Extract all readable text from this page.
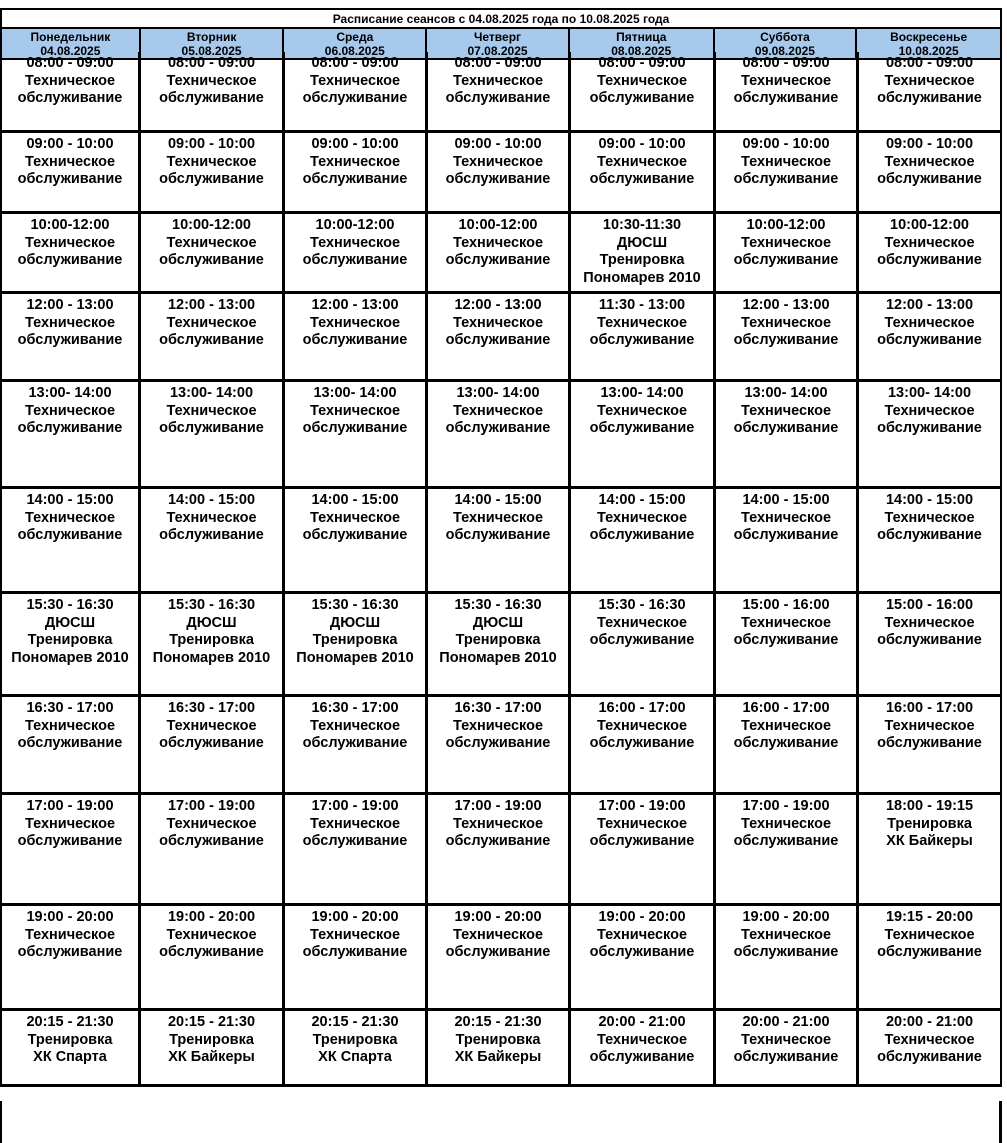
Расписание сеансов с 04.08.2025 года по 10.08.2025 года
Понедельник
04.08.2025
Вторник
05.08.2025
Среда
06.08.2025
Четверг
07.08.2025
Пятница
08.08.2025
Суббота
09.08.2025
Воскресенье
10.08.2025
08:00 - 09:00
Техническое
обслуживание
08:00 - 09:00
Техническое
обслуживание
08:00 - 09:00
Техническое
обслуживание
08:00 - 09:00
Техническое
обслуживание
08:00 - 09:00
Техническое
обслуживание
08:00 - 09:00
Техническое
обслуживание
08:00 - 09:00
Техническое
обслуживание
09:00 - 10:00
Техническое
обслуживание
09:00 - 10:00
Техническое
обслуживание
09:00 - 10:00
Техническое
обслуживание
09:00 - 10:00
Техническое
обслуживание
09:00 - 10:00
Техническое
обслуживание
09:00 - 10:00
Техническое
обслуживание
09:00 - 10:00
Техническое
обслуживание
10:00-12:00
Техническое
обслуживание
10:00-12:00
Техническое
обслуживание
10:00-12:00
Техническое
обслуживание
10:00-12:00
Техническое
обслуживание
10:30-11:30
ДЮСШ
Тренировка
Пономарев 2010
10:00-12:00
Техническое
обслуживание
10:00-12:00
Техническое
обслуживание
12:00 - 13:00
Техническое
обслуживание
12:00 - 13:00
Техническое
обслуживание
12:00 - 13:00
Техническое
обслуживание
12:00 - 13:00
Техническое
обслуживание
11:30 - 13:00
Техническое
обслуживание
12:00 - 13:00
Техническое
обслуживание
12:00 - 13:00
Техническое
обслуживание
13:00- 14:00
Техническое
обслуживание
13:00- 14:00
Техническое
обслуживание
13:00- 14:00
Техническое
обслуживание
13:00- 14:00
Техническое
обслуживание
13:00- 14:00
Техническое
обслуживание
13:00- 14:00
Техническое
обслуживание
13:00- 14:00
Техническое
обслуживание
14:00 - 15:00
Техническое
обслуживание
14:00 - 15:00
Техническое
обслуживание
14:00 - 15:00
Техническое
обслуживание
14:00 - 15:00
Техническое
обслуживание
14:00 - 15:00
Техническое
обслуживание
14:00 - 15:00
Техническое
обслуживание
14:00 - 15:00
Техническое
обслуживание
15:30 - 16:30
ДЮСШ
Тренировка
Пономарев 2010
15:30 - 16:30
ДЮСШ
Тренировка
Пономарев 2010
15:30 - 16:30
ДЮСШ
Тренировка
Пономарев 2010
15:30 - 16:30
ДЮСШ
Тренировка
Пономарев 2010
15:30 - 16:30
Техническое
обслуживание
15:00 - 16:00
Техническое
обслуживание
15:00 - 16:00
Техническое
обслуживание
16:30 - 17:00
Техническое
обслуживание
16:30 - 17:00
Техническое
обслуживание
16:30 - 17:00
Техническое
обслуживание
16:30 - 17:00
Техническое
обслуживание
16:00 - 17:00
Техническое
обслуживание
16:00 - 17:00
Техническое
обслуживание
16:00 - 17:00
Техническое
обслуживание
17:00 - 19:00
Техническое
обслуживание
17:00 - 19:00
Техническое
обслуживание
17:00 - 19:00
Техническое
обслуживание
17:00 - 19:00
Техническое
обслуживание
17:00 - 19:00
Техническое
обслуживание
17:00 - 19:00
Техническое
обслуживание
18:00 - 19:15
Тренировка
ХК Байкеры
19:00 - 20:00
Техническое
обслуживание
19:00 - 20:00
Техническое
обслуживание
19:00 - 20:00
Техническое
обслуживание
19:00 - 20:00
Техническое
обслуживание
19:00 - 20:00
Техническое
обслуживание
19:00 - 20:00
Техническое
обслуживание
19:15 - 20:00
Техническое
обслуживание
20:15 - 21:30
Тренировка
ХК Спарта
20:15 - 21:30
Тренировка
ХК Байкеры
20:15 - 21:30
Тренировка
ХК Спарта
20:15 - 21:30
Тренировка
ХК Байкеры
20:00 - 21:00
Техническое
обслуживание
20:00 - 21:00
Техническое
обслуживание
20:00 - 21:00
Техническое
обслуживание
